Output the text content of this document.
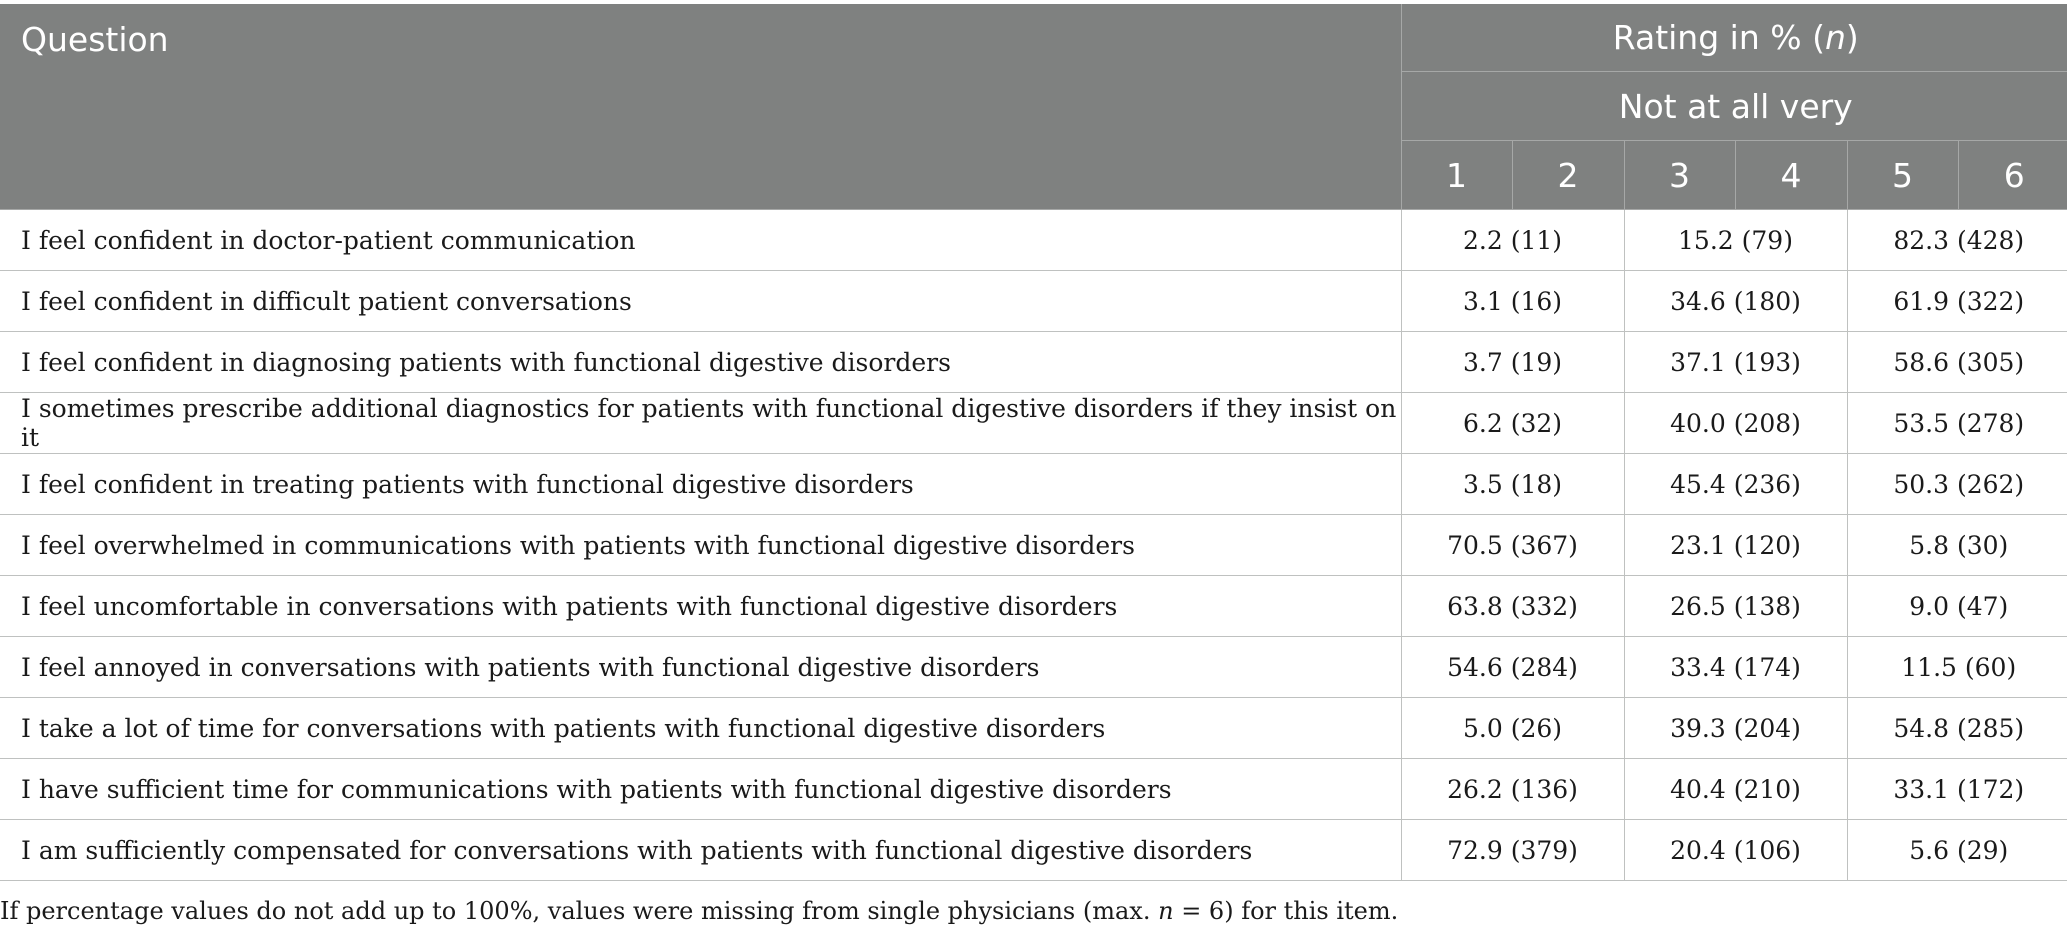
Question	Rating in % (n)					
	Not at all very					
	1	2	3	4	5	6
I feel confident in doctor-patient communication	2.2 (11)		15.2 (79)		82.3 (428)	
I feel confident in difficult patient conversations	3.1 (16)		34.6 (180)		61.9 (322)	
I feel confident in diagnosing patients with functional digestive disorders	3.7 (19)		37.1 (193)		58.6 (305)	
I sometimes prescribe additional diagnostics for patients with functional digestive disorders if they insist on it	6.2 (32)		40.0 (208)		53.5 (278)	
I feel confident in treating patients with functional digestive disorders	3.5 (18)		45.4 (236)		50.3 (262)	
I feel overwhelmed in communications with patients with functional digestive disorders	70.5 (367)		23.1 (120)		5.8 (30)	
I feel uncomfortable in conversations with patients with functional digestive disorders	63.8 (332)		26.5 (138)		9.0 (47)	
I feel annoyed in conversations with patients with functional digestive disorders	54.6 (284)		33.4 (174)		11.5 (60)	
I take a lot of time for conversations with patients with functional digestive disorders	5.0 (26)		39.3 (204)		54.8 (285)	
I have sufficient time for communications with patients with functional digestive disorders	26.2 (136)		40.4 (210)		33.1 (172)	
I am sufficiently compensated for conversations with patients with functional digestive disorders	72.9 (379)		20.4 (106)		5.6 (29)	
If percentage values do not add up to 100%, values were missing from single physicians (max. n = 6) for this item.
